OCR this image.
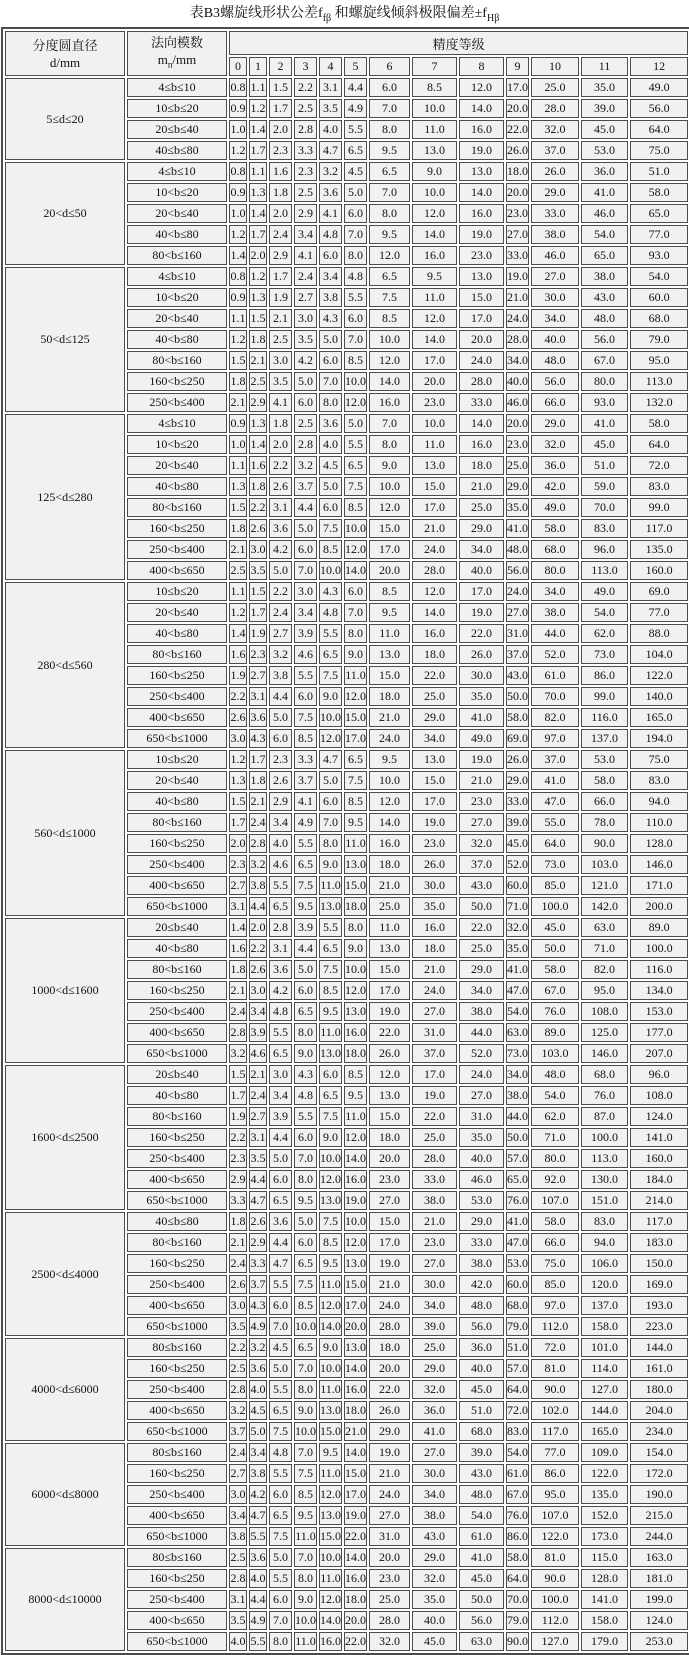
表B3螺旋线形状公差$f_{f\beta}$ 和螺旋线倾斜极限偏差$\pm f_{H\beta}$
分度圆直径
d/mm

法向模数
$m_n/mm$
	精度等级
		0	1	2	3	4	5	6	7	8	9	10	11	12
5≤d≤20	4≤b≤10	0.8	1.1	1.5	2.2	3.1	4.4	6.0	8.5	12.0	17.0	25.0	35.0	49.0
	10≤b≤20	0.9	1.2	1.7	2.5	3.5	4.9	7.0	10.0	14.0	20.0	28.0	39.0	56.0
	20≤b≤40	1.0	1.4	2.0	2.8	4.0	5.5	8.0	11.0	16.0	22.0	32.0	45.0	64.0
	40≤b≤80	1.2	1.7	2.3	3.3	4.7	6.5	9.5	13.0	19.0	26.0	37.0	53.0	75.0
20<d≤50	4≤b≤10	0.8	1.1	1.6	2.3	3.2	4.5	6.5	9.0	13.0	18.0	26.0	36.0	51.0
	10<b≤20	0.9	1.3	1.8	2.5	3.6	5.0	7.0	10.0	14.0	20.0	29.0	41.0	58.0
	20<b≤40	1.0	1.4	2.0	2.9	4.1	6.0	8.0	12.0	16.0	23.0	33.0	46.0	65.0
	40<b≤80	1.2	1.7	2.4	3.4	4.8	7.0	9.5	14.0	19.0	27.0	38.0	54.0	77.0
	80<b≤160	1.4	2.0	2.9	4.1	6.0	8.0	12.0	16.0	23.0	33.0	46.0	65.0	93.0
50<d≤125	4≤b≤10	0.8	1.2	1.7	2.4	3.4	4.8	6.5	9.5	13.0	19.0	27.0	38.0	54.0
	10<b≤20	0.9	1.3	1.9	2.7	3.8	5.5	7.5	11.0	15.0	21.0	30.0	43.0	60.0
	20<b≤40	1.1	1.5	2.1	3.0	4.3	6.0	8.5	12.0	17.0	24.0	34.0	48.0	68.0
	40<b≤80	1.2	1.8	2.5	3.5	5.0	7.0	10.0	14.0	20.0	28.0	40.0	56.0	79.0
	80<b≤160	1.5	2.1	3.0	4.2	6.0	8.5	12.0	17.0	24.0	34.0	48.0	67.0	95.0
	160<b≤250	1.8	2.5	3.5	5.0	7.0	10.0	14.0	20.0	28.0	40.0	56.0	80.0	113.0
	250<b≤400	2.1	2.9	4.1	6.0	8.0	12.0	16.0	23.0	33.0	46.0	66.0	93.0	132.0
125<d≤280	4≤b≤10	0.9	1.3	1.8	2.5	3.6	5.0	7.0	10.0	14.0	20.0	29.0	41.0	58.0
	10<b≤20	1.0	1.4	2.0	2.8	4.0	5.5	8.0	11.0	16.0	23.0	32.0	45.0	64.0
	20<b≤40	1.1	1.6	2.2	3.2	4.5	6.5	9.0	13.0	18.0	25.0	36.0	51.0	72.0
	40<b≤80	1.3	1.8	2.6	3.7	5.0	7.5	10.0	15.0	21.0	29.0	42.0	59.0	83.0
	80<b≤160	1.5	2.2	3.1	4.4	6.0	8.5	12.0	17.0	25.0	35.0	49.0	70.0	99.0
	160<b≤250	1.8	2.6	3.6	5.0	7.5	10.0	15.0	21.0	29.0	41.0	58.0	83.0	117.0
	250<b≤400	2.1	3.0	4.2	6.0	8.5	12.0	17.0	24.0	34.0	48.0	68.0	96.0	135.0
	400<b≤650	2.5	3.5	5.0	7.0	10.0	14.0	20.0	28.0	40.0	56.0	80.0	113.0	160.0
280<d≤560	10≤b≤20	1.1	1.5	2.2	3.0	4.3	6.0	8.5	12.0	17.0	24.0	34.0	49.0	69.0
	20<b≤40	1.2	1.7	2.4	3.4	4.8	7.0	9.5	14.0	19.0	27.0	38.0	54.0	77.0
	40<b≤80	1.4	1.9	2.7	3.9	5.5	8.0	11.0	16.0	22.0	31.0	44.0	62.0	88.0
	80<b≤160	1.6	2.3	3.2	4.6	6.5	9.0	13.0	18.0	26.0	37.0	52.0	73.0	104.0
	160<b≤250	1.9	2.7	3.8	5.5	7.5	11.0	15.0	22.0	30.0	43.0	61.0	86.0	122.0
	250<b≤400	2.2	3.1	4.4	6.0	9.0	12.0	18.0	25.0	35.0	50.0	70.0	99.0	140.0
	400<b≤650	2.6	3.6	5.0	7.5	10.0	15.0	21.0	29.0	41.0	58.0	82.0	116.0	165.0
	650<b≤1000	3.0	4.3	6.0	8.5	12.0	17.0	24.0	34.0	49.0	69.0	97.0	137.0	194.0
560<d≤1000	10≤b≤20	1.2	1.7	2.3	3.3	4.7	6.5	9.5	13.0	19.0	26.0	37.0	53.0	75.0
	20<b≤40	1.3	1.8	2.6	3.7	5.0	7.5	10.0	15.0	21.0	29.0	41.0	58.0	83.0
	40<b≤80	1.5	2.1	2.9	4.1	6.0	8.5	12.0	17.0	23.0	33.0	47.0	66.0	94.0
	80<b≤160	1.7	2.4	3.4	4.9	7.0	9.5	14.0	19.0	27.0	39.0	55.0	78.0	110.0
	160<b≤250	2.0	2.8	4.0	5.5	8.0	11.0	16.0	23.0	32.0	45.0	64.0	90.0	128.0
	250<b≤400	2.3	3.2	4.6	6.5	9.0	13.0	18.0	26.0	37.0	52.0	73.0	103.0	146.0
	400<b≤650	2.7	3.8	5.5	7.5	11.0	15.0	21.0	30.0	43.0	60.0	85.0	121.0	171.0
	650<b≤1000	3.1	4.4	6.5	9.5	13.0	18.0	25.0	35.0	50.0	71.0	100.0	142.0	200.0
1000<d≤1600	20≤b≤40	1.4	2.0	2.8	3.9	5.5	8.0	11.0	16.0	22.0	32.0	45.0	63.0	89.0
	40<b≤80	1.6	2.2	3.1	4.4	6.5	9.0	13.0	18.0	25.0	35.0	50.0	71.0	100.0
	80<b≤160	1.8	2.6	3.6	5.0	7.5	10.0	15.0	21.0	29.0	41.0	58.0	82.0	116.0
	160<b≤250	2.1	3.0	4.2	6.0	8.5	12.0	17.0	24.0	34.0	47.0	67.0	95.0	134.0
	250<b≤400	2.4	3.4	4.8	6.5	9.5	13.0	19.0	27.0	38.0	54.0	76.0	108.0	153.0
	400<b≤650	2.8	3.9	5.5	8.0	11.0	16.0	22.0	31.0	44.0	63.0	89.0	125.0	177.0
	650<b≤1000	3.2	4.6	6.5	9.0	13.0	18.0	26.0	37.0	52.0	73.0	103.0	146.0	207.0
1600<d≤2500	20≤b≤40	1.5	2.1	3.0	4.3	6.0	8.5	12.0	17.0	24.0	34.0	48.0	68.0	96.0
	40<b≤80	1.7	2.4	3.4	4.8	6.5	9.5	13.0	19.0	27.0	38.0	54.0	76.0	108.0
	80<b≤160	1.9	2.7	3.9	5.5	7.5	11.0	15.0	22.0	31.0	44.0	62.0	87.0	124.0
	160<b≤250	2.2	3.1	4.4	6.0	9.0	12.0	18.0	25.0	35.0	50.0	71.0	100.0	141.0
	250<b≤400	2.3	3.5	5.0	7.0	10.0	14.0	20.0	28.0	40.0	57.0	80.0	113.0	160.0
	400<b≤650	2.9	4.4	6.0	8.0	12.0	16.0	23.0	33.0	46.0	65.0	92.0	130.0	184.0
	650<b≤1000	3.3	4.7	6.5	9.5	13.0	19.0	27.0	38.0	53.0	76.0	107.0	151.0	214.0
2500<d≤4000	40≤b≤80	1.8	2.6	3.6	5.0	7.5	10.0	15.0	21.0	29.0	41.0	58.0	83.0	117.0
	80<b≤160	2.1	2.9	4.4	6.0	8.5	12.0	17.0	23.0	33.0	47.0	66.0	94.0	183.0
	160<b≤250	2.4	3.3	4.7	6.5	9.5	13.0	19.0	27.0	38.0	53.0	75.0	106.0	150.0
	250<b≤400	2.6	3.7	5.5	7.5	11.0	15.0	21.0	30.0	42.0	60.0	85.0	120.0	169.0
	400<b≤650	3.0	4.3	6.0	8.5	12.0	17.0	24.0	34.0	48.0	68.0	97.0	137.0	193.0
	650<b≤1000	3.5	4.9	7.0	10.0	14.0	20.0	28.0	39.0	56.0	79.0	112.0	158.0	223.0
4000<d≤6000	80≤b≤160	2.2	3.2	4.5	6.5	9.0	13.0	18.0	25.0	36.0	51.0	72.0	101.0	144.0
	160<b≤250	2.5	3.6	5.0	7.0	10.0	14.0	20.0	29.0	40.0	57.0	81.0	114.0	161.0
	250<b≤400	2.8	4.0	5.5	8.0	11.0	16.0	22.0	32.0	45.0	64.0	90.0	127.0	180.0
	400<b≤650	3.2	4.5	6.5	9.0	13.0	18.0	26.0	36.0	51.0	72.0	102.0	144.0	204.0
	650<b≤1000	3.7	5.0	7.5	10.0	15.0	21.0	29.0	41.0	68.0	83.0	117.0	165.0	234.0
6000<d≤8000	80≤b≤160	2.4	3.4	4.8	7.0	9.5	14.0	19.0	27.0	39.0	54.0	77.0	109.0	154.0
	160<b≤250	2.7	3.8	5.5	7.5	11.0	15.0	21.0	30.0	43.0	61.0	86.0	122.0	172.0
	250<b≤400	3.0	4.2	6.0	8.5	12.0	17.0	24.0	34.0	48.0	67.0	95.0	135.0	190.0
	400<b≤650	3.4	4.7	6.5	9.5	13.0	19.0	27.0	38.0	54.0	76.0	107.0	152.0	215.0
	650<b≤1000	3.8	5.5	7.5	11.0	15.0	22.0	31.0	43.0	61.0	86.0	122.0	173.0	244.0
8000<d≤10000	80≤b≤160	2.5	3.6	5.0	7.0	10.0	14.0	20.0	29.0	41.0	58.0	81.0	115.0	163.0
	160<b≤250	2.8	4.0	5.5	8.0	11.0	16.0	23.0	32.0	45.0	64.0	90.0	128.0	181.0
	250<b≤400	3.1	4.4	6.0	9.0	12.0	18.0	25.0	35.0	50.0	70.0	100.0	141.0	199.0
	400<b≤650	3.5	4.9	7.0	10.0	14.0	20.0	28.0	40.0	56.0	79.0	112.0	158.0	124.0
	650<b≤1000	4.0	5.5	8.0	11.0	16.0	22.0	32.0	45.0	63.0	90.0	127.0	179.0	253.0
